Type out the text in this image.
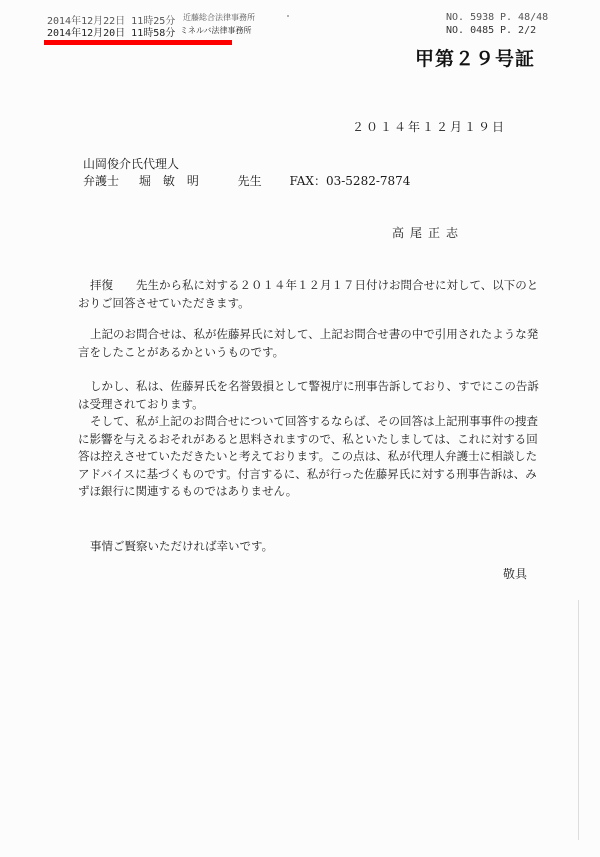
2014年12月22日 11時25分 近藤総合法律事務所	NO. 5938 P. 48/48
2014年12月20日 11時58分 ミネルバ法律事務所	NO. 0485 P. 2/2
甲第２９号証
２０１４年１２月１９日
山岡俊介氏代理人
弁護士 堀　敏　明	先生 FAX：03-5282-7874
高尾正志
拝復　　先生から私に対する２０１４年１２月１７日付けお問合せに対して、以下のとおりご回答させていただきます。
上記のお問合せは、私が佐藤昇氏に対して、上記お問合せ書の中で引用されたような発言をしたことがあるかというものです。
しかし、私は、佐藤昇氏を名誉毀損として警視庁に刑事告訴しており、すでにこの告訴は受理されております。
そして、私が上記のお問合せについて回答するならば、その回答は上記刑事事件の捜査に影響を与えるおそれがあると思料されますので、私といたしましては、これに対する回答は控えさせていただきたいと考えております。この点は、私が代理人弁護士に相談したアドバイスに基づくものです。付言するに、私が行った佐藤昇氏に対する刑事告訴は、みずほ銀行に関連するものではありません。
事情ご賢察いただければ幸いです。
敬具
